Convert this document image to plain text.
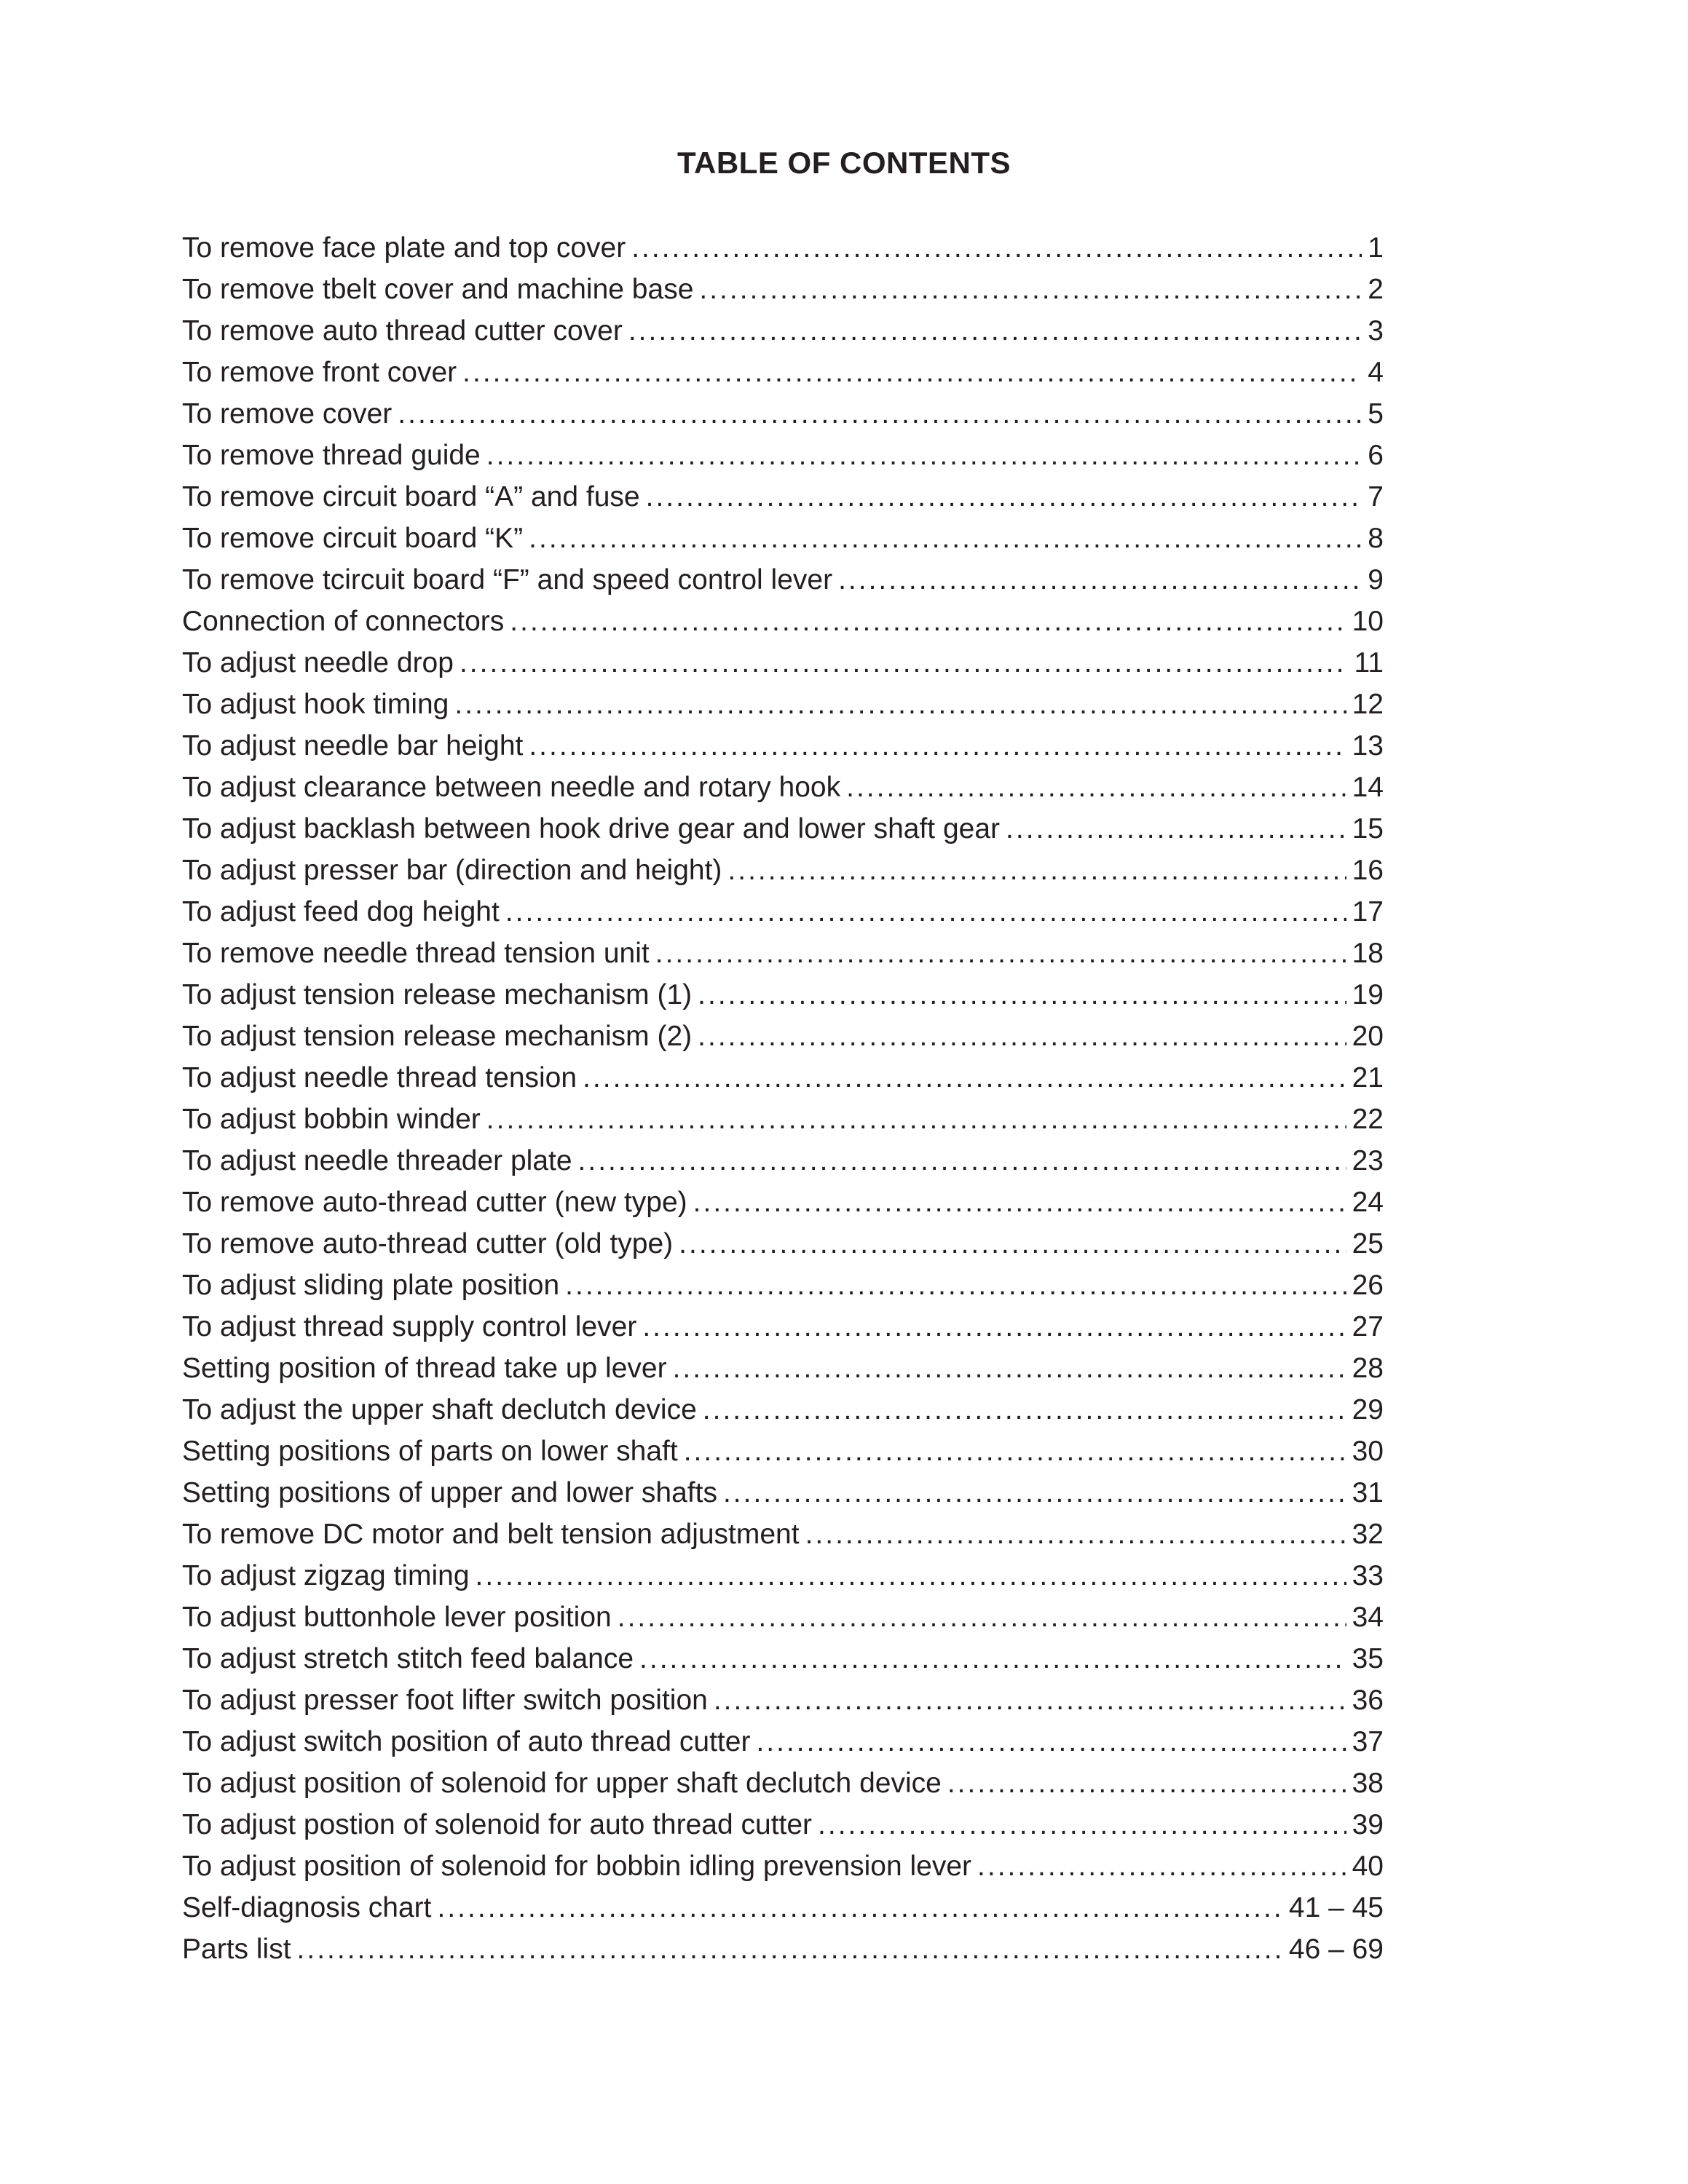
TABLE OF CONTENTS
To remove face plate and top cover .....	1
To remove tbelt cover and machine base .....	2
To remove auto thread cutter cover .....	3
To remove front cover .....	4
To remove cover .....	5
To remove thread guide .....	6
To remove circuit board “A” and fuse .....	7
To remove circuit board “K” .....	8
To remove tcircuit board “F” and speed control lever .....	9
Connection of connectors .....	10
To adjust needle drop .....	11
To adjust hook timing .....	12
To adjust needle bar height .....	13
To adjust clearance between needle and rotary hook .....	14
To adjust backlash between hook drive gear and lower shaft gear .....	15
To adjust presser bar (direction and height) .....	16
To adjust feed dog height .....	17
To remove needle thread tension unit .....	18
To adjust tension release mechanism (1) .....	19
To adjust tension release mechanism (2) .....	20
To adjust needle thread tension .....	21
To adjust bobbin winder .....	22
To adjust needle threader plate .....	23
To remove auto-thread cutter (new type) .....	24
To remove auto-thread cutter (old type) .....	25
To adjust sliding plate position .....	26
To adjust thread supply control lever .....	27
Setting position of thread take up lever .....	28
To adjust the upper shaft declutch device .....	29
Setting positions of parts on lower shaft .....	30
Setting positions of upper and lower shafts .....	31
To remove DC motor and belt tension adjustment .....	32
To adjust zigzag timing .....	33
To adjust buttonhole lever position .....	34
To adjust stretch stitch feed balance .....	35
To adjust presser foot lifter switch position .....	36
To adjust switch position of auto thread cutter .....	37
To adjust position of solenoid for upper shaft declutch device .....	38
To adjust postion of solenoid for auto thread cutter .....	39
To adjust position of solenoid for bobbin idling prevension lever .....	40
Self-diagnosis chart .....	41 – 45
Parts list .....	46 – 69
